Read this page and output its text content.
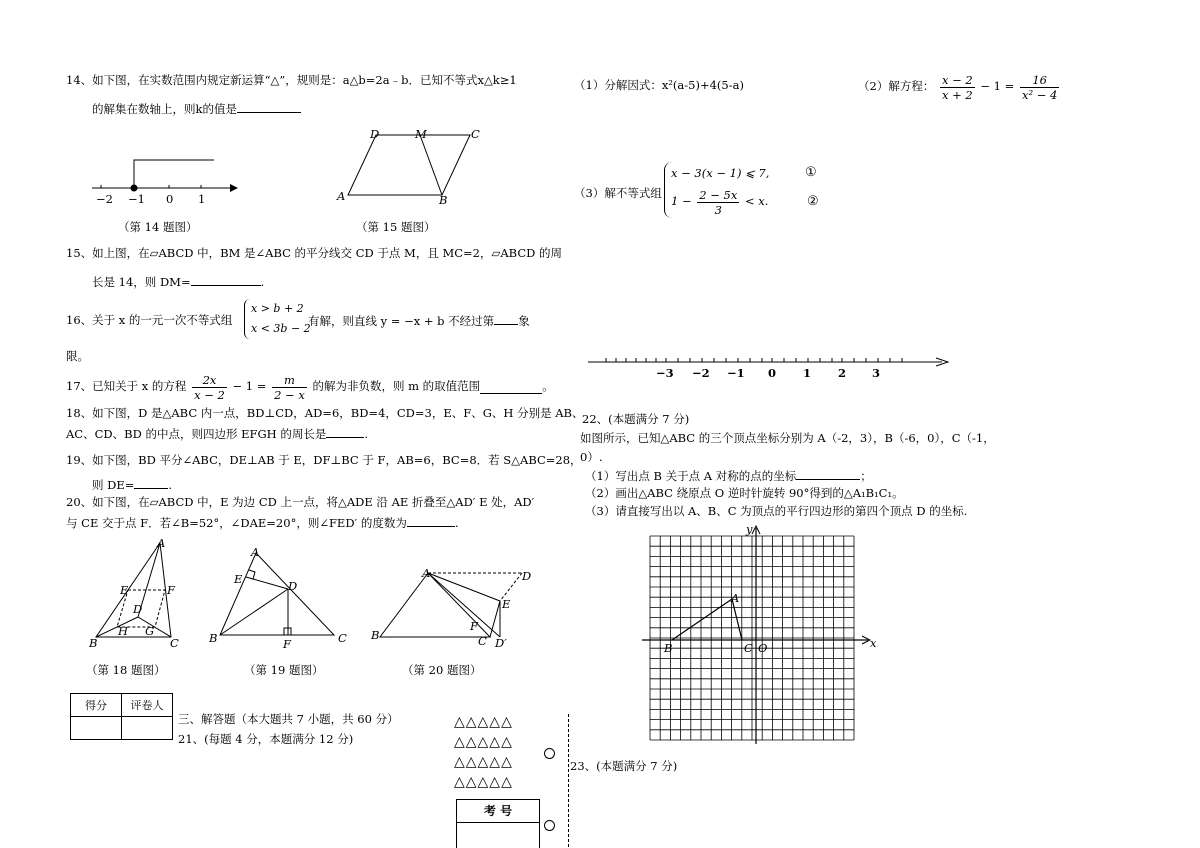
14、如下图，在实数范围内规定新运算“△”，规则是：a△b=2a﹣b．已知不等式x△k≥1
的解集在数轴上，则k的值是
−2 −1 0 1
（第 14 题图）
D	M	C
A	B
（第 15 题图）
15、如上图，在▱ABCD 中，BM 是∠ABC 的平分线交 CD 于点 M，且 MC=2，▱ABCD 的周
长是 14，则 DM=	.
16、关于 x 的一元一次不等式组
x > b + 2
x < 3b − 2
有解，则直线 y = −x + b 不经过第 象
限。
17、已知关于 x 的方程 $\frac{2x}{x - 2} - 1 = \frac{m}{2 - x}$ 的解为非负数，则 m 的取值范围	。
18、如下图，D 是△ABC 内一点，BD⊥CD，AD=6，BD=4，CD=3，E、F、G、H 分别是 AB、
AC、CD、BD 的中点，则四边形 EFGH 的周长是	.
19、如下图，BD 平分∠ABC，DE⊥AB 于 E，DF⊥BC 于 F，AB=6，BC=8．若 S△ABC=28，
则 DE=	.
20、如下图，在▱ABCD 中，E 为边 CD 上一点，将△ADE 沿 AE 折叠至△AD′ E 处，AD′
与 CE 交于点 F．若∠B=52°，∠DAE=20°，则∠FED′ 的度数为	.
A
E	F
D
H G
B	C
（第 18 题图）
A
E	D
B	F	C
（第 19 题图）
A	D
E
F
B	C D′
（第 20 题图）
得分	评卷人

三、解答题（本大题共 7 小题，共 60 分）
21、(每题 4 分，本题满分 12 分)
△△△△△
△△△△△
△△△△△
△△△△△
考 号
（1）分解因式：x²(a-5)+4(5-a)	（2）解方程： $\frac{x - 2}{x + 2} - 1 = \frac{16}{\text{x² − 4}}$
（3）解不等式组
x − 3(x − 1) ⩽ 7,
$1 - \frac{2 - 5x}{3} < x$.
①
②
−3 −2 −1 0 1 2 3
22、(本题满分 7 分)
如图所示，已知△ABC 的三个顶点坐标分别为 A（-2，3），B（-6，0），C（-1，
0）.
（1）写出点 B 关于点 A 对称的点的坐标	；
（2）画出△ABC 绕原点 O 逆时针旋转 90°得到的△A₁B₁C₁。
（3）请直接写出以 A、B、C 为顶点的平行四边形的第四个顶点 D 的坐标.
y
x
A
B	C O
23、(本题满分 7 分)
